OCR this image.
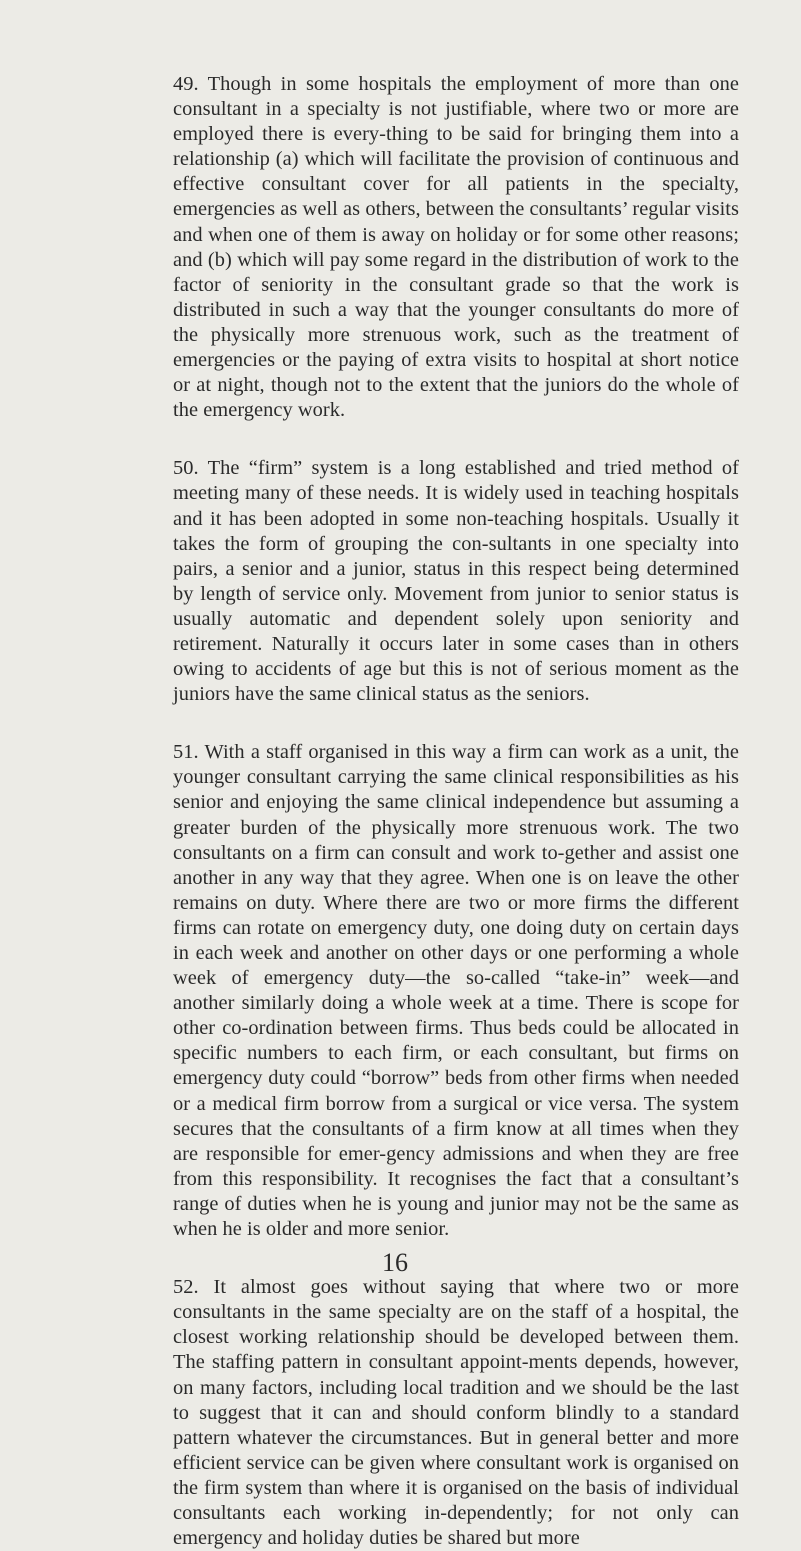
49. Though in some hospitals the employment of more than one consultant in a specialty is not justifiable, where two or more are employed there is every-thing to be said for bringing them into a relationship (a) which will facilitate the provision of continuous and effective consultant cover for all patients in the specialty, emergencies as well as others, between the consultants’ regular visits and when one of them is away on holiday or for some other reasons; and (b) which will pay some regard in the distribution of work to the factor of seniority in the consultant grade so that the work is distributed in such a way that the younger consultants do more of the physically more strenuous work, such as the treatment of emergencies or the paying of extra visits to hospital at short notice or at night, though not to the extent that the juniors do the whole of the emergency work.

50. The “firm” system is a long established and tried method of meeting many of these needs. It is widely used in teaching hospitals and it has been adopted in some non-teaching hospitals. Usually it takes the form of grouping the con-sultants in one specialty into pairs, a senior and a junior, status in this respect being determined by length of service only. Movement from junior to senior status is usually automatic and dependent solely upon seniority and retirement. Naturally it occurs later in some cases than in others owing to accidents of age but this is not of serious moment as the juniors have the same clinical status as the seniors.

51. With a staff organised in this way a firm can work as a unit, the younger consultant carrying the same clinical responsibilities as his senior and enjoying the same clinical independence but assuming a greater burden of the physically more strenuous work. The two consultants on a firm can consult and work to-gether and assist one another in any way that they agree. When one is on leave the other remains on duty. Where there are two or more firms the different firms can rotate on emergency duty, one doing duty on certain days in each week and another on other days or one performing a whole week of emergency duty—the so-called “take-in” week—and another similarly doing a whole week at a time. There is scope for other co-ordination between firms. Thus beds could be allocated in specific numbers to each firm, or each consultant, but firms on emergency duty could “borrow” beds from other firms when needed or a medical firm borrow from a surgical or vice versa. The system secures that the consultants of a firm know at all times when they are responsible for emer-gency admissions and when they are free from this responsibility. It recognises the fact that a consultant’s range of duties when he is young and junior may not be the same as when he is older and more senior.

52. It almost goes without saying that where two or more consultants in the same specialty are on the staff of a hospital, the closest working relationship should be developed between them. The staffing pattern in consultant appoint-ments depends, however, on many factors, including local tradition and we should be the last to suggest that it can and should conform blindly to a standard pattern whatever the circumstances. But in general better and more efficient service can be given where consultant work is organised on the firm system than where it is organised on the basis of individual consultants each working in-dependently; for not only can emergency and holiday duties be shared but more

16
